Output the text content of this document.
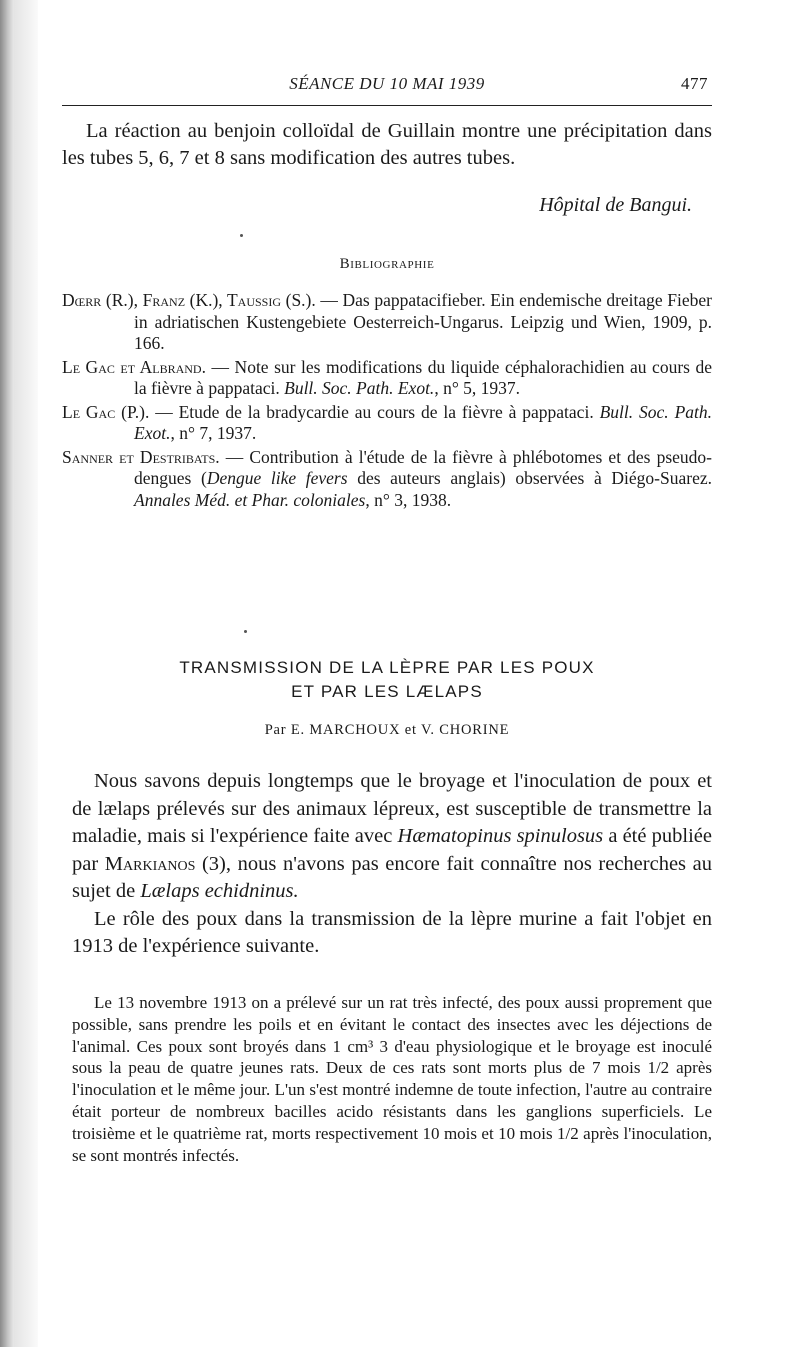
SÉANCE DU 10 MAI 1939	477

La réaction au benjoin colloïdal de Guillain montre une précipitation dans les tubes 5, 6, 7 et 8 sans modification des autres tubes.

Hôpital de Bangui.
Bibliographie

Dœrr (R.), Franz (K.), Taussig (S.). — Das pappatacifieber. Ein endemische dreitage Fieber in adriatischen Kustengebiete Oesterreich-Ungarus. Leipzig und Wien, 1909, p. 166.

Le Gac et Albrand. — Note sur les modifications du liquide céphalorachidien au cours de la fièvre à pappataci. Bull. Soc. Path. Exot., n° 5, 1937.

Le Gac (P.). — Etude de la bradycardie au cours de la fièvre à pappataci. Bull. Soc. Path. Exot., n° 7, 1937.

Sanner et Destribats. — Contribution à l'étude de la fièvre à phlébotomes et des pseudo-dengues (Dengue like fevers des auteurs anglais) observées à Diégo-Suarez. Annales Méd. et Phar. coloniales, n° 3, 1938.

TRANSMISSION DE LA LÈPRE PAR LES POUX
ET PAR LES LÆLAPS
Par E. MARCHOUX et V. CHORINE

Nous savons depuis longtemps que le broyage et l'inoculation de poux et de lælaps prélevés sur des animaux lépreux, est susceptible de transmettre la maladie, mais si l'expérience faite avec Hæmatopinus spinulosus a été publiée par Markianos (3), nous n'avons pas encore fait connaître nos recherches au sujet de Lælaps echidninus.

Le rôle des poux dans la transmission de la lèpre murine a fait l'objet en 1913 de l'expérience suivante.

Le 13 novembre 1913 on a prélevé sur un rat très infecté, des poux aussi proprement que possible, sans prendre les poils et en évitant le contact des insectes avec les déjections de l'animal. Ces poux sont broyés dans 1 cm³ 3 d'eau physiologique et le broyage est inoculé sous la peau de quatre jeunes rats. Deux de ces rats sont morts plus de 7 mois 1/2 après l'inoculation et le même jour. L'un s'est montré indemne de toute infection, l'autre au contraire était porteur de nombreux bacilles acido résistants dans les ganglions superficiels. Le troisième et le quatrième rat, morts respectivement 10 mois et 10 mois 1/2 après l'inoculation, se sont montrés infectés.
